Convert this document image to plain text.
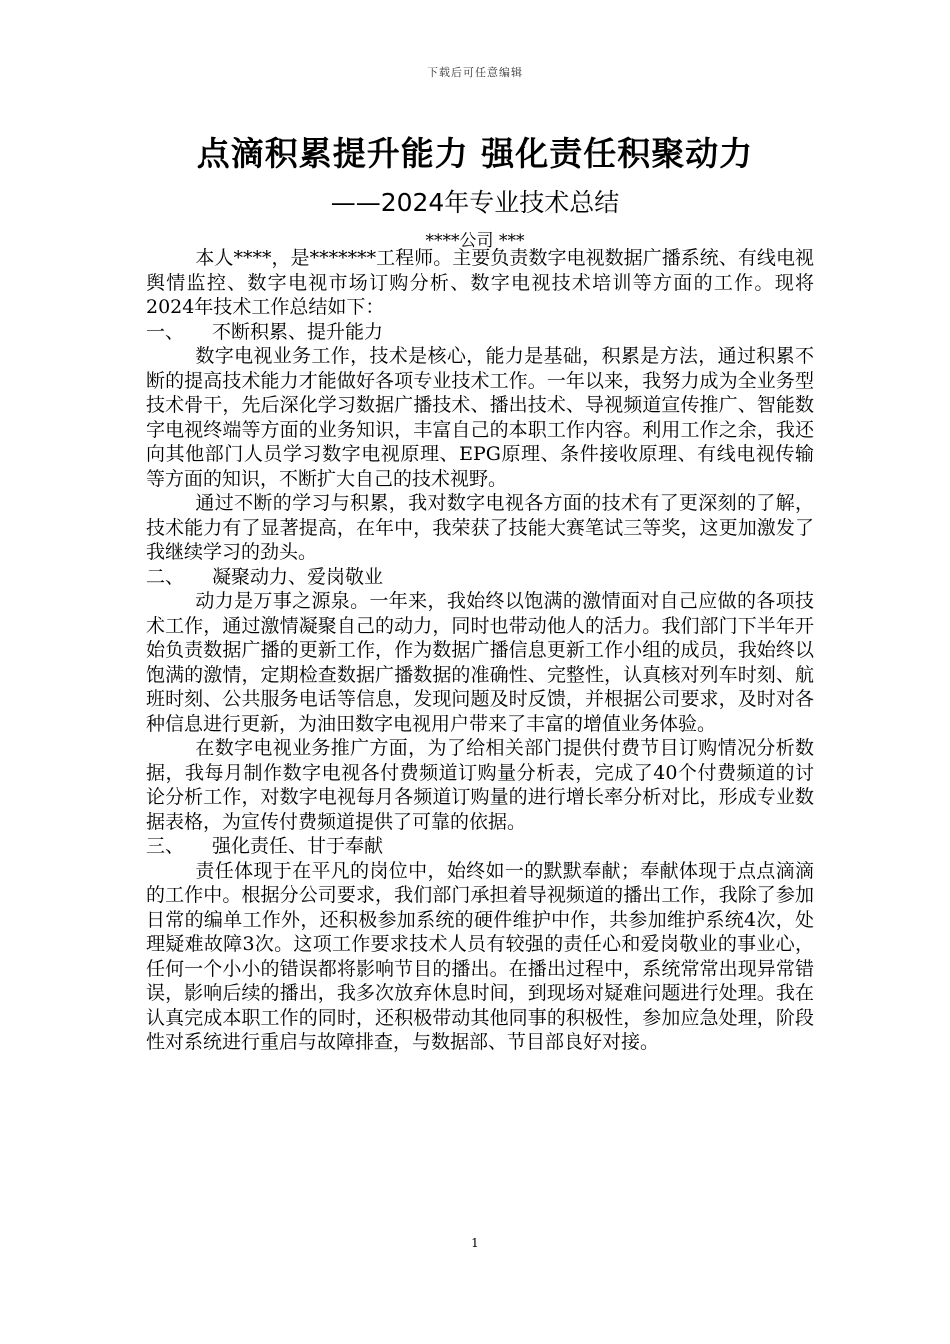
下载后可任意编辑
点滴积累提升能力 强化责任积聚动力
——2024年专业技术总结
****公司 ***

本人****，是*******工程师。主要负责数字电视数据广播系统、有线电视舆情监控、数字电视市场订购分析、数字电视技术培训等方面的工作。现将2024年技术工作总结如下：

一、 不断积累、提升能力

数字电视业务工作，技术是核心，能力是基础，积累是方法，通过积累不断的提高技术能力才能做好各项专业技术工作。一年以来，我努力成为全业务型技术骨干，先后深化学习数据广播技术、播出技术、导视频道宣传推广、智能数字电视终端等方面的业务知识，丰富自己的本职工作内容。利用工作之余，我还向其他部门人员学习数字电视原理、EPG原理、条件接收原理、有线电视传输等方面的知识，不断扩大自己的技术视野。

通过不断的学习与积累，我对数字电视各方面的技术有了更深刻的了解，技术能力有了显著提高，在年中，我荣获了技能大赛笔试三等奖，这更加激发了我继续学习的劲头。

二、 凝聚动力、爱岗敬业

动力是万事之源泉。一年来，我始终以饱满的激情面对自己应做的各项技术工作，通过激情凝聚自己的动力，同时也带动他人的活力。我们部门下半年开始负责数据广播的更新工作，作为数据广播信息更新工作小组的成员，我始终以饱满的激情，定期检查数据广播数据的准确性、完整性，认真核对列车时刻、航班时刻、公共服务电话等信息，发现问题及时反馈，并根据公司要求，及时对各种信息进行更新，为油田数字电视用户带来了丰富的增值业务体验。

在数字电视业务推广方面，为了给相关部门提供付费节目订购情况分析数据，我每月制作数字电视各付费频道订购量分析表，完成了40个付费频道的讨论分析工作，对数字电视每月各频道订购量的进行增长率分析对比，形成专业数据表格，为宣传付费频道提供了可靠的依据。

三、 强化责任、甘于奉献

责任体现于在平凡的岗位中，始终如一的默默奉献；奉献体现于点点滴滴的工作中。根据分公司要求，我们部门承担着导视频道的播出工作，我除了参加日常的编单工作外，还积极参加系统的硬件维护中作，共参加维护系统4次，处理疑难故障3次。这项工作要求技术人员有较强的责任心和爱岗敬业的事业心，任何一个小小的错误都将影响节目的播出。在播出过程中，系统常常出现异常错误，影响后续的播出，我多次放弃休息时间，到现场对疑难问题进行处理。我在认真完成本职工作的同时，还积极带动其他同事的积极性，参加应急处理，阶段性对系统进行重启与故障排查，与数据部、节目部良好对接。

1
